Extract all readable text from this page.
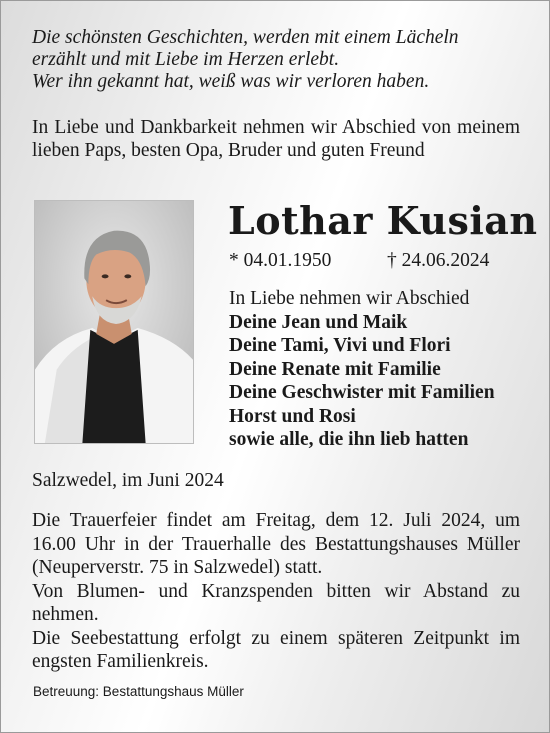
Die schönsten Geschichten, werden mit einem Lächeln
erzählt und mit Liebe im Herzen erlebt.
Wer ihn gekannt hat, weiß was wir verloren haben.

In Liebe und Dankbarkeit nehmen wir Abschied von meinem lieben Paps, besten Opa, Bruder und guten Freund

Lothar Kusian
* 04.01.1950	† 24.06.2024
In Liebe nehmen wir Abschied
Deine Jean und Maik
Deine Tami, Vivi und Flori
Deine Renate mit Familie
Deine Geschwister mit Familien
Horst und Rosi
sowie alle, die ihn lieb hatten

Salzwedel, im Juni 2024

Die Trauerfeier findet am Freitag, dem 12. Juli 2024, um 16.00 Uhr in der Trauerhalle des Bestattungshauses Müller (Neuperverstr. 75 in Salzwedel) statt.

Von Blumen- und Kranzspenden bitten wir Abstand zu nehmen.

Die Seebestattung erfolgt zu einem späteren Zeitpunkt im engsten Familienkreis.

Betreuung: Bestattungshaus Müller
